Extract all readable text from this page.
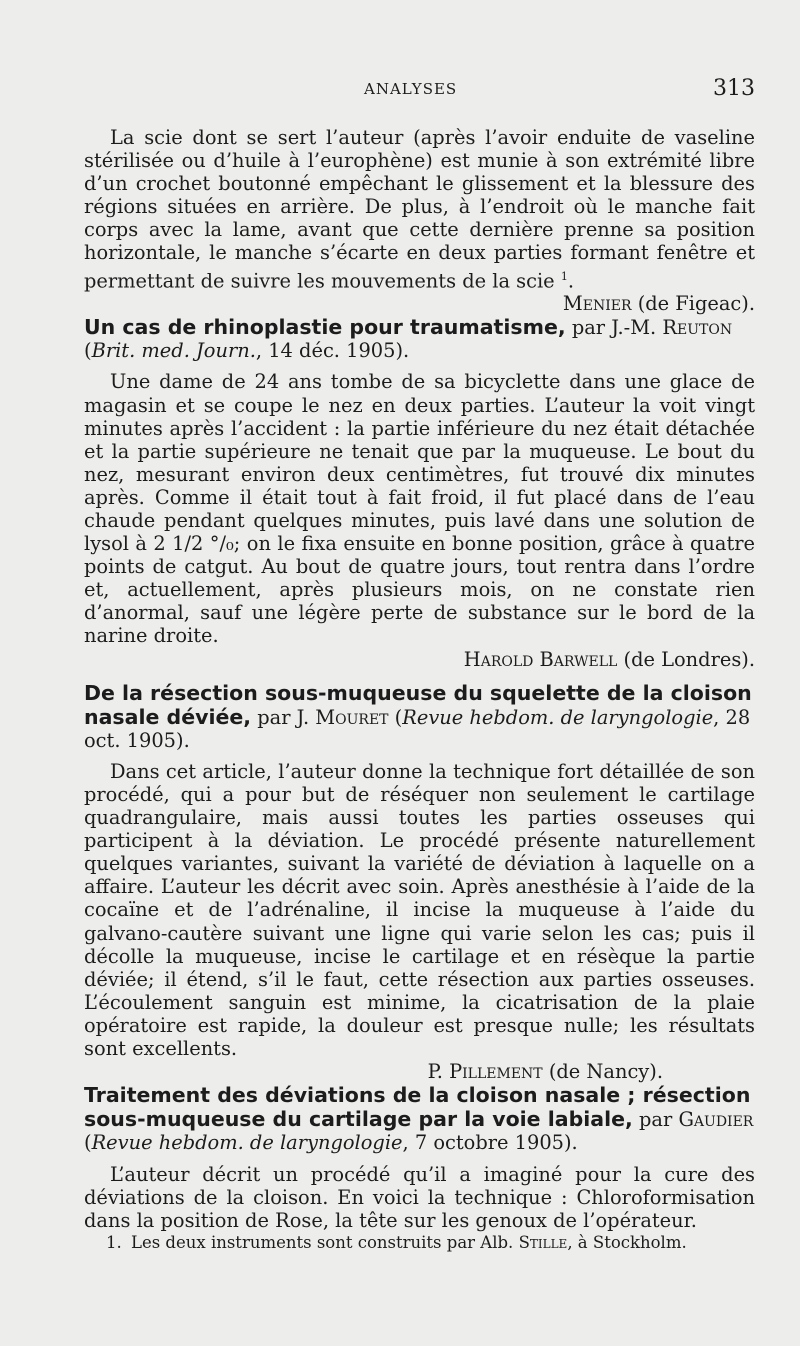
ANALYSES	313

La scie dont se sert l’auteur (après l’avoir enduite de vaseline stérilisée ou d’huile à l’europhène) est munie à son extrémité libre d’un crochet boutonné empêchant le glissement et la blessure des régions situées en arrière. De plus, à l’endroit où le manche fait corps avec la lame, avant que cette dernière prenne sa position horizontale, le manche s’écarte en deux parties formant fenêtre et permettant de suivre les mouvements de la scie $^1$.

Menier (de Figeac).
Un cas de rhinoplastie pour traumatisme, par J.-M. Reuton (Brit. med. Journ., 14 déc. 1905).

Une dame de 24 ans tombe de sa bicyclette dans une glace de magasin et se coupe le nez en deux parties. L’auteur la voit vingt minutes après l’accident : la partie inférieure du nez était détachée et la partie supérieure ne tenait que par la muqueuse. Le bout du nez, mesurant environ deux centimètres, fut trouvé dix minutes après. Comme il était tout à fait froid, il fut placé dans de l’eau chaude pendant quelques minutes, puis lavé dans une solution de lysol à 2 1/2 °/₀; on le fixa ensuite en bonne position, grâce à quatre points de catgut. Au bout de quatre jours, tout rentra dans l’ordre et, actuellement, après plusieurs mois, on ne constate rien d’anormal, sauf une légère perte de substance sur le bord de la narine droite.

Harold Barwell (de Londres).
De la résection sous-muqueuse du squelette de la cloison nasale déviée, par J. Mouret (Revue hebdom. de laryngologie, 28 oct. 1905).

Dans cet article, l’auteur donne la technique fort détaillée de son procédé, qui a pour but de réséquer non seulement le cartilage quadrangulaire, mais aussi toutes les parties osseuses qui participent à la déviation. Le procédé présente naturellement quelques variantes, suivant la variété de déviation à laquelle on a affaire. L’auteur les décrit avec soin. Après anesthésie à l’aide de la cocaïne et de l’adrénaline, il incise la muqueuse à l’aide du galvano-cautère suivant une ligne qui varie selon les cas; puis il décolle la muqueuse, incise le cartilage et en résèque la partie déviée; il étend, s’il le faut, cette résection aux parties osseuses. L’écoulement sanguin est minime, la cicatrisation de la plaie opératoire est rapide, la douleur est presque nulle; les résultats sont excellents.

P. Pillement (de Nancy).
Traitement des déviations de la cloison nasale ; résection sous-muqueuse du cartilage par la voie labiale, par Gaudier (Revue hebdom. de laryngologie, 7 octobre 1905).

L’auteur décrit un procédé qu’il a imaginé pour la cure des déviations de la cloison. En voici la technique : Chloroformisation dans la position de Rose, la tête sur les genoux de l’opérateur.

1. Les deux instruments sont construits par Alb. Stille, à Stockholm.
